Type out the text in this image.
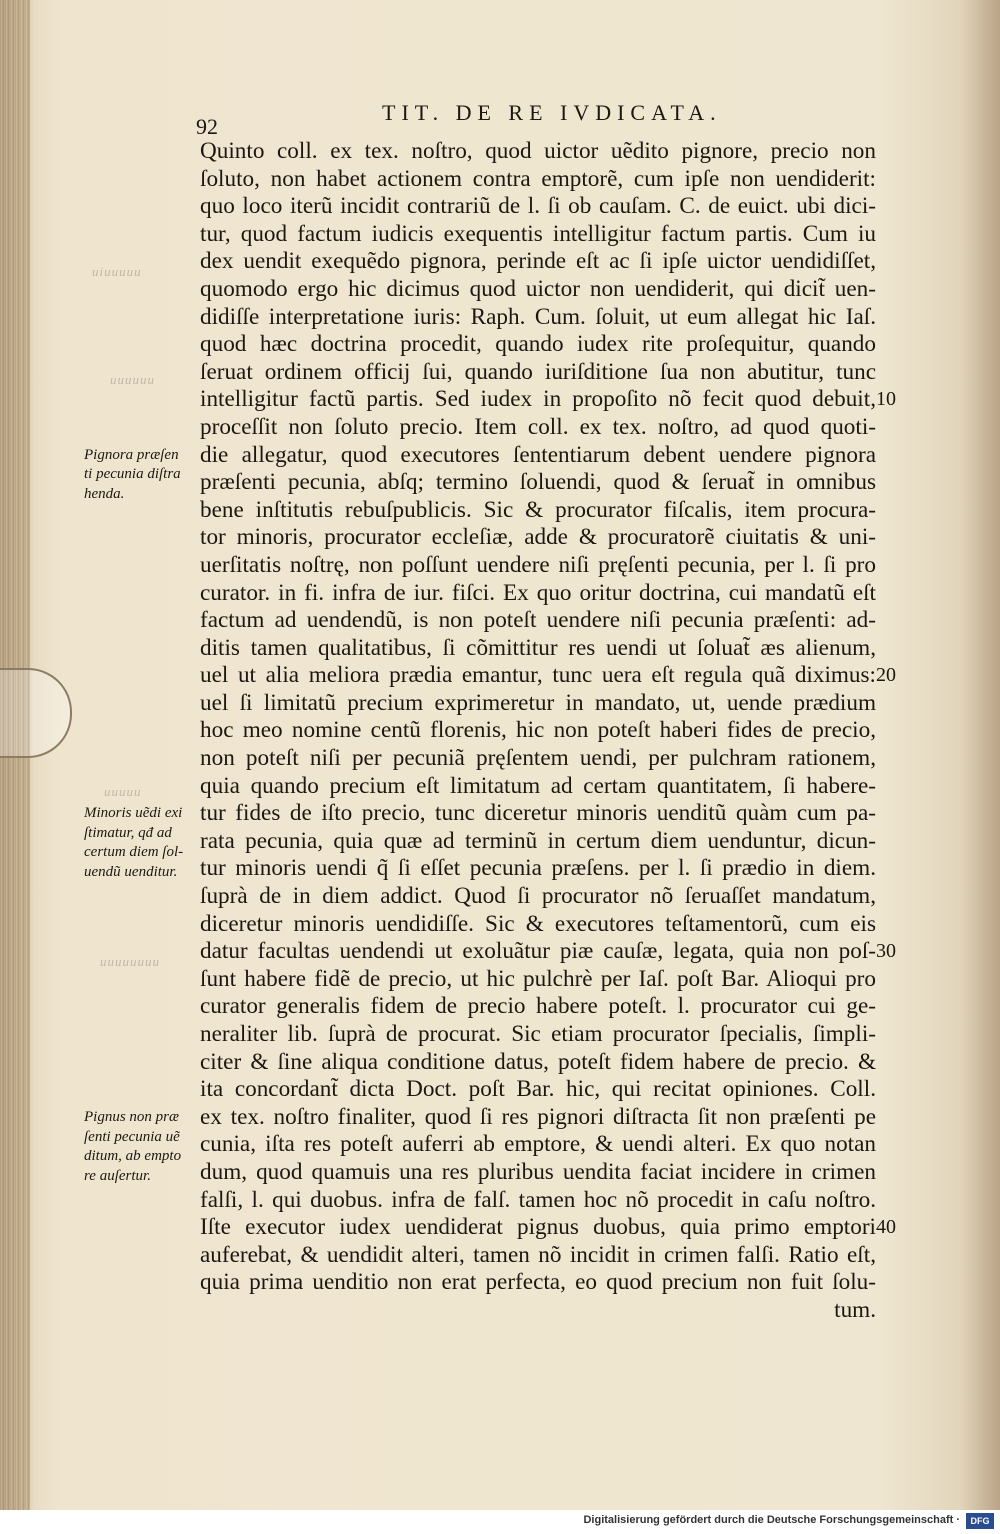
uiuuuuu
uuuuuu
uuuuu
uuuuuuuu
92
TIT. DE RE IVDICATA.
Quinto coll. ex tex. noſtro, quod uictor uẽdito pignore, precio non
ſoluto, non habet actionem contra emptorẽ, cum ipſe non uendiderit:
quo loco iterũ incidit contrariũ de l. ſi ob cauſam. C. de euict. ubi dici-
tur, quod factum iudicis exequentis intelligitur factum partis. Cum iu
dex uendit exequẽdo pignora, perinde eſt ac ſi ipſe uictor uendidiſſet,
quomodo ergo hic dicimus quod uictor non uendiderit, qui dicit̃ uen-
didiſſe interpretatione iuris: Raph. Cum. ſoluit, ut eum allegat hic Iaſ.
quod hæc doctrina procedit, quando iudex rite proſequitur, quando
ſeruat ordinem officij ſui, quando iuriſditione ſua non abutitur, tunc
intelligitur factũ partis. Sed iudex in propoſito nõ fecit quod debuit,
proceſſit non ſoluto precio. Item coll. ex tex. noſtro, ad quod quoti-
die allegatur, quod executores ſententiarum debent uendere pignora
præſenti pecunia, abſq; termino ſoluendi, quod & ſeruat̃ in omnibus
bene inſtitutis rebuſpublicis. Sic & procurator fiſcalis, item procura-
tor minoris, procurator eccleſiæ, adde & procuratorẽ ciuitatis & uni-
uerſitatis noſtrę, non poſſunt uendere niſi pręſenti pecunia, per l. ſi pro
curator. in fi. infra de iur. fiſci. Ex quo oritur doctrina, cui mandatũ eſt
factum ad uendendũ, is non poteſt uendere niſi pecunia præſenti: ad-
ditis tamen qualitatibus, ſi cõmittitur res uendi ut ſoluat̃ æs alienum,
uel ut alia meliora prædia emantur, tunc uera eſt regula quã diximus:
uel ſi limitatũ precium exprimeretur in mandato, ut, uende prædium
hoc meo nomine centũ florenis, hic non poteſt haberi fides de precio,
non poteſt niſi per pecuniã pręſentem uendi, per pulchram rationem,
quia quando precium eſt limitatum ad certam quantitatem, ſi habere-
tur fides de iſto precio, tunc diceretur minoris uenditũ quàm cum pa-
rata pecunia, quia quæ ad terminũ in certum diem uenduntur, dicun-
tur minoris uendi q̃ ſi eſſet pecunia præſens. per l. ſi prædio in diem.
ſuprà de in diem addict. Quod ſi procurator nõ ſeruaſſet mandatum,
diceretur minoris uendidiſſe. Sic & executores teſtamentorũ, cum eis
datur facultas uendendi ut exoluãtur piæ cauſæ, legata, quia non poſ-
ſunt habere fidẽ de precio, ut hic pulchrè per Iaſ. poſt Bar. Alioqui pro
curator generalis fidem de precio habere poteſt. l. procurator cui ge-
neraliter lib. ſuprà de procurat. Sic etiam procurator ſpecialis, ſimpli-
citer & ſine aliqua conditione datus, poteſt fidem habere de precio. &
ita concordant̃ dicta Doct. poſt Bar. hic, qui recitat opiniones. Coll.
ex tex. noſtro finaliter, quod ſi res pignori diſtracta ſit non præſenti pe
cunia, iſta res poteſt auferri ab emptore, & uendi alteri. Ex quo notan
dum, quod quamuis una res pluribus uendita faciat incidere in crimen
falſi, l. qui duobus. infra de falſ. tamen hoc nõ procedit in caſu noſtro.
Iſte executor iudex uendiderat pignus duobus, quia primo emptori
auferebat, & uendidit alteri, tamen nõ incidit in crimen falſi. Ratio eſt,
quia prima uenditio non erat perfecta, eo quod precium non fuit ſolu-
tum.
Pignora præſen
ti pecunia diſtra
henda.
Minoris uẽdi exi
ſtimatur, qđ ad
certum diem ſol-
uendũ uenditur.
Pignus non præ
ſenti pecunia uẽ
ditum, ab empto
re auſertur.
10
20
30
40
Digitalisierung gefördert durch die Deutsche Forschungsgemeinschaft ·	DFG
